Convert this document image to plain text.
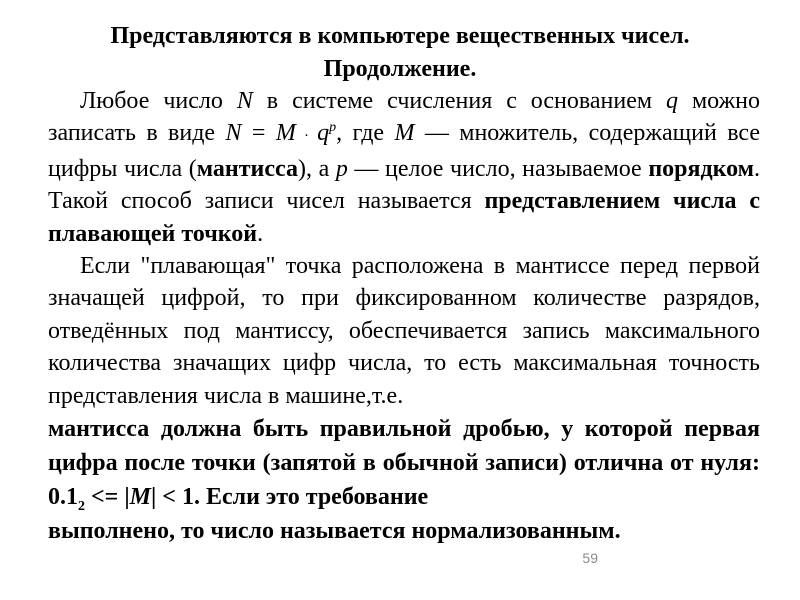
Представляются в компьютере вещественных чисел.
Продолжение.

Любое число N в системе счисления с основанием q можно записать в виде $N = M \cdot q^p$, где M — множитель, содержащий все цифры числа (мантисса), а p — целое число, называемое порядком. Такой способ записи чисел называется представлением числа с плавающей точкой.

Если "плавающая" точка расположена в мантиссе перед первой значащей цифрой, то при фиксированном количестве разрядов, отведённых под мантиссу, обеспечивается запись максимального количества значащих цифр числа, то есть максимальная точность представления числа в машине,т.е.

мантисса должна быть правильной дробью, у которой первая цифра после точки (запятой в обычной записи) отлична от нуля: $0.1_2 <= |M| < 1$. Если это требование
выполнено, то число называется нормализованным.

59
